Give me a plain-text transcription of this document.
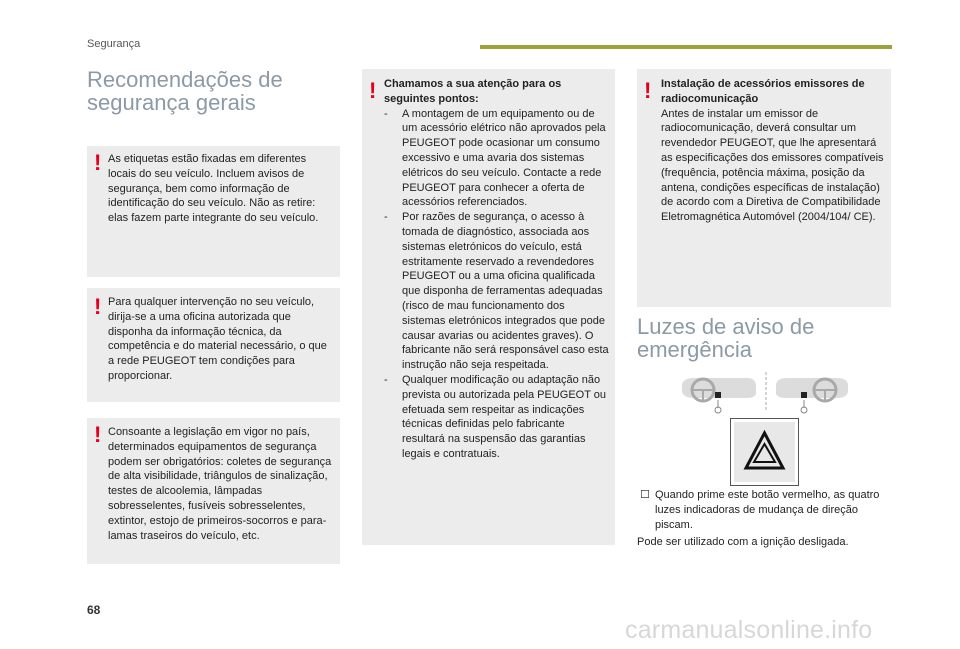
Segurança
Recomendações de
segurança gerais
! As etiquetas estão fixadas em diferentes locais do seu veículo. Incluem avisos de segurança, bem como informação de identificação do seu veículo. Não as retire: elas fazem parte integrante do seu veículo.

! Para qualquer intervenção no seu veículo, dirija-se a uma oficina autorizada que disponha da informação técnica, da competência e do material necessário, o que a rede PEUGEOT tem condições para proporcionar.

! Consoante a legislação em vigor no país, determinados equipamentos de segurança podem ser obrigatórios: coletes de segurança de alta visibilidade, triângulos de sinalização, testes de alcoolemia, lâmpadas sobresselentes, fusíveis sobresselentes, extintor, estojo de primeiros-socorros e para-lamas traseiros do veículo, etc.

! Chamamos a sua atenção para os seguintes pontos:

- A montagem de um equipamento ou de um acessório elétrico não aprovados pela PEUGEOT pode ocasionar um consumo excessivo e uma avaria dos sistemas elétricos do seu veículo. Contacte a rede PEUGEOT para conhecer a oferta de acessórios referenciados.
- Por razões de segurança, o acesso à tomada de diagnóstico, associada aos sistemas eletrónicos do veículo, está estritamente reservado a revendedores PEUGEOT ou a uma oficina qualificada que disponha de ferramentas adequadas (risco de mau funcionamento dos sistemas eletrónicos integrados que pode causar avarias ou acidentes graves). O fabricante não será responsável caso esta instrução não seja respeitada.
- Qualquer modificação ou adaptação não prevista ou autorizada pela PEUGEOT ou efetuada sem respeitar as indicações técnicas definidas pelo fabricante resultará na suspensão das garantias legais e contratuais.
! Instalação de acessórios emissores de radiocomunicação

Antes de instalar um emissor de radiocomunicação, deverá consultar um revendedor PEUGEOT, que lhe apresentará as especificações dos emissores compatíveis (frequência, potência máxima, posição da antena, condições específicas de instalação) de acordo com a Diretiva de Compatibilidade Eletromagnética Automóvel (2004/104/ CE).

Luzes de aviso de
emergência
☐ Quando prime este botão vermelho, as quatro luzes indicadoras de mudança de direção piscam.
Pode ser utilizado com a ignição desligada.
68
carmanualsonline.info
